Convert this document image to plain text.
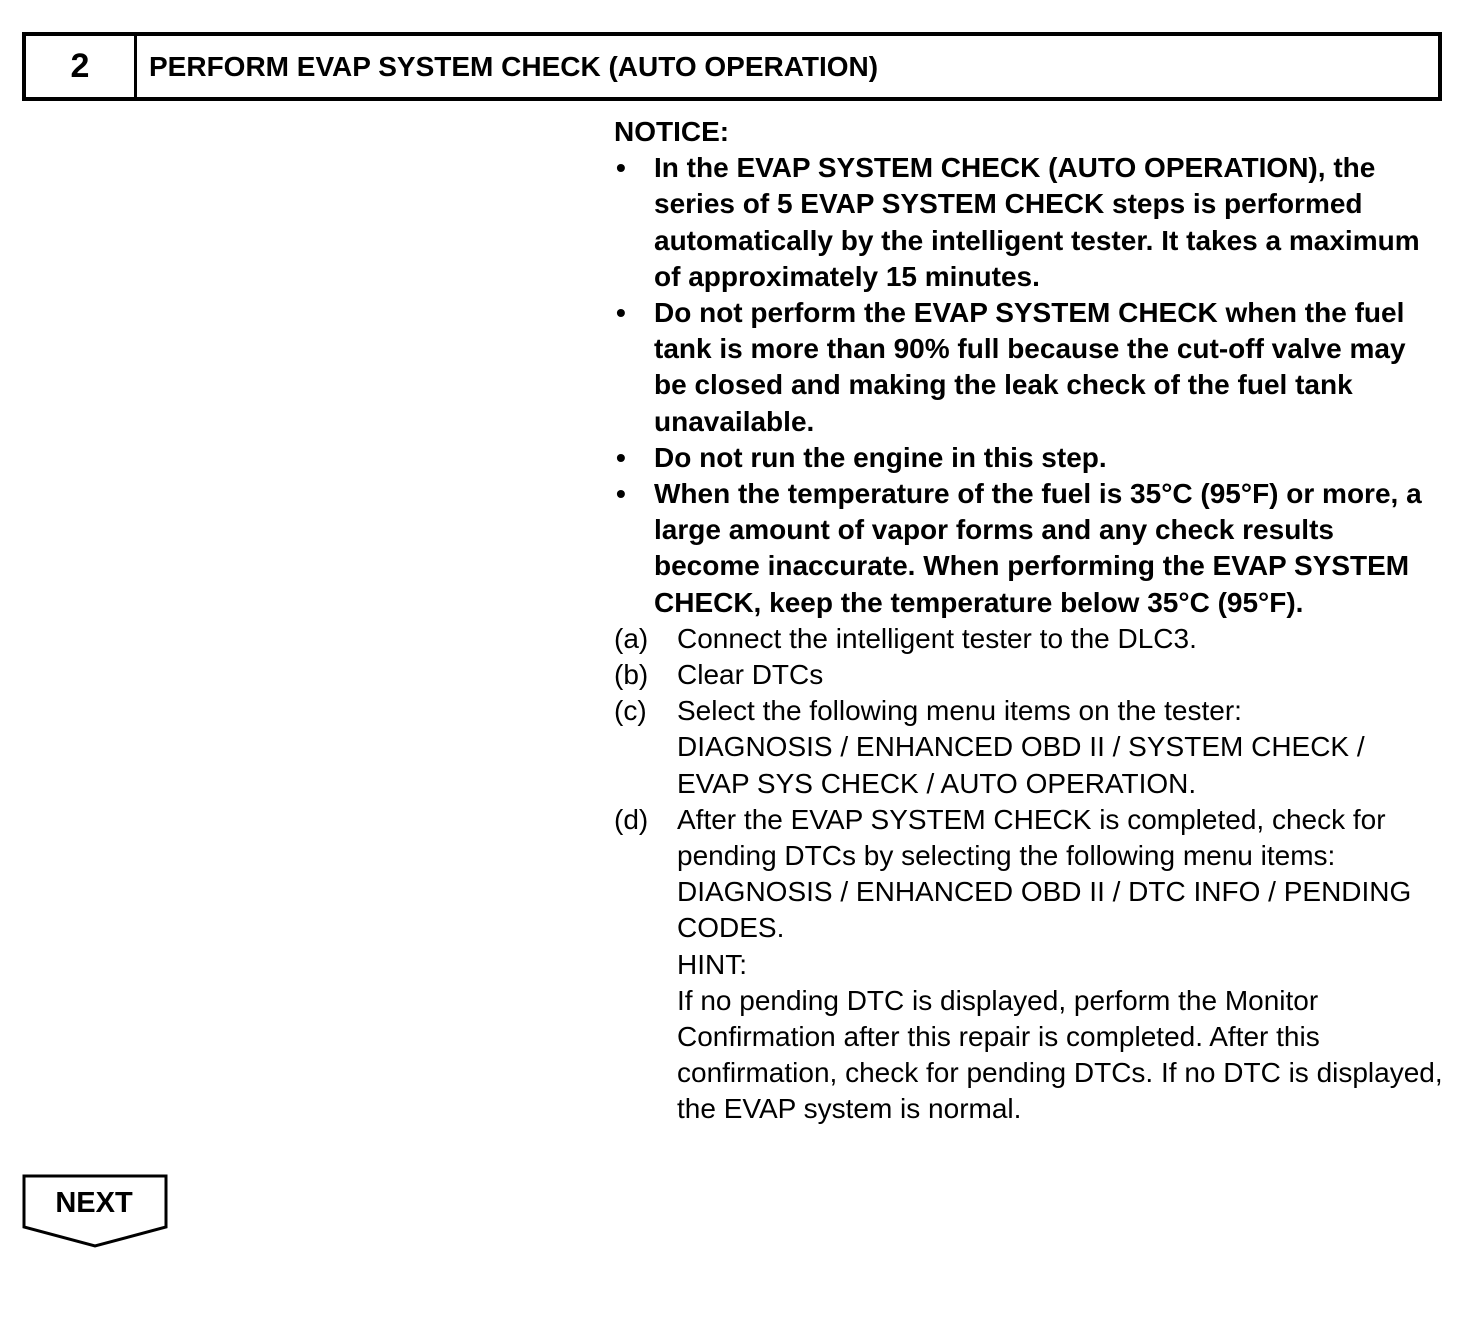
2	PERFORM EVAP SYSTEM CHECK (AUTO OPERATION)
NOTICE:
•	In the EVAP SYSTEM CHECK (AUTO OPERATION), the series of 5 EVAP SYSTEM CHECK steps is performed automatically by the intelligent tester. It takes a maximum of approximately 15 minutes.
•	Do not perform the EVAP SYSTEM CHECK when the fuel tank is more than 90% full because the cut-off valve may be closed and making the leak check of the fuel tank unavailable.
•	Do not run the engine in this step.
•	When the temperature of the fuel is 35°C (95°F) or more, a large amount of vapor forms and any check results become inaccurate. When performing the EVAP SYSTEM CHECK, keep the temperature below 35°C (95°F).
(a)	Connect the intelligent tester to the DLC3.
(b)	Clear DTCs
(c)	Select the following menu items on the tester:
DIAGNOSIS / ENHANCED OBD II / SYSTEM CHECK / EVAP SYS CHECK / AUTO OPERATION.
(d)	After the EVAP SYSTEM CHECK is completed, check for pending DTCs by selecting the following menu items:
DIAGNOSIS / ENHANCED OBD II / DTC INFO / PENDING CODES.
HINT:
If no pending DTC is displayed, perform the Monitor Confirmation after this repair is completed. After this confirmation, check for pending DTCs. If no DTC is displayed, the EVAP system is normal.
NEXT
